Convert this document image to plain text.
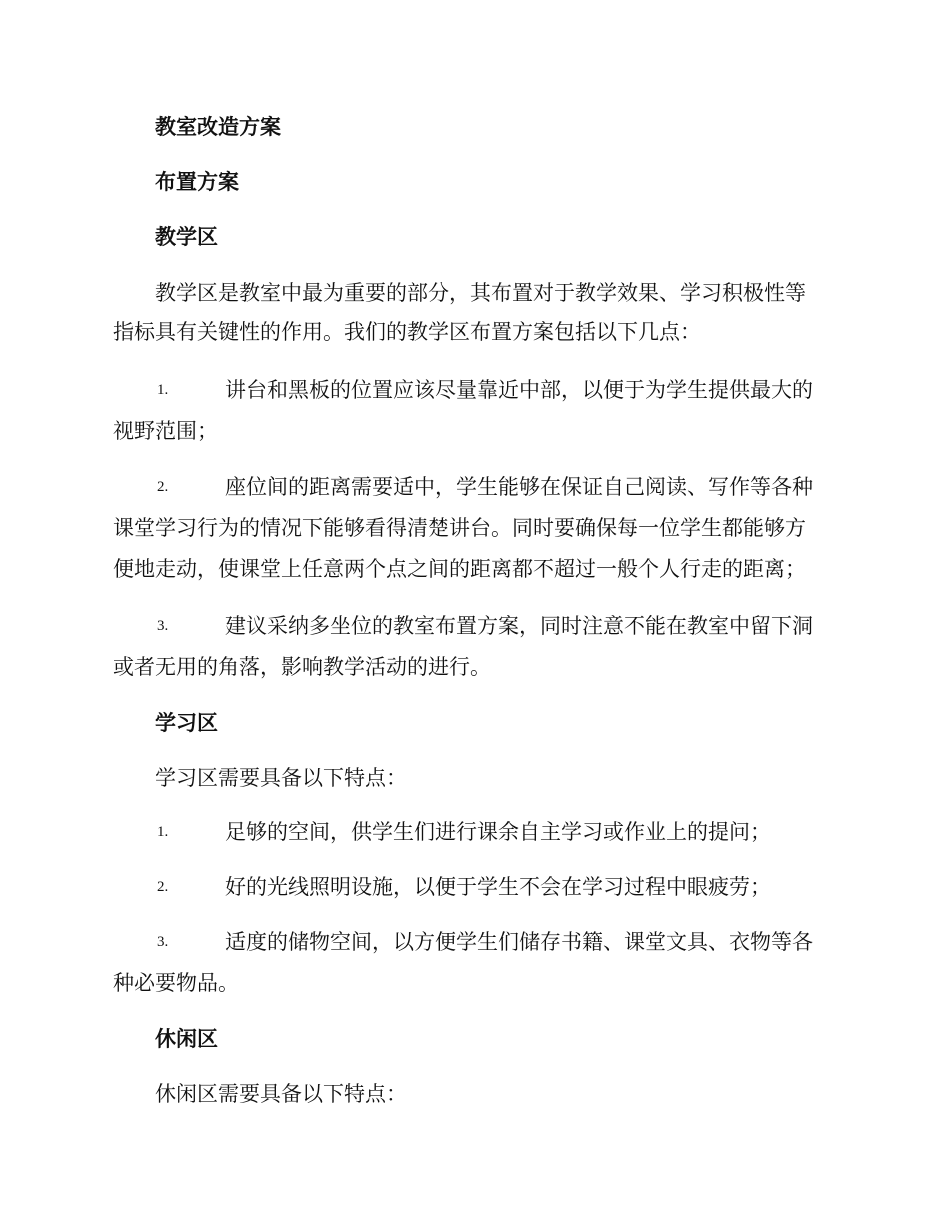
教室改造方案
布置方案
教学区
教学区是教室中最为重要的部分，其布置对于教学效果、学习积极性等
指标具有关键性的作用。我们的教学区布置方案包括以下几点：
1.	讲台和黑板的位置应该尽量靠近中部，以便于为学生提供最大的
视野范围；
2.	座位间的距离需要适中，学生能够在保证自己阅读、写作等各种
课堂学习行为的情况下能够看得清楚讲台。同时要确保每一位学生都能够方
便地走动，使课堂上任意两个点之间的距离都不超过一般个人行走的距离；
3.	建议采纳多坐位的教室布置方案，同时注意不能在教室中留下洞
或者无用的角落，影响教学活动的进行。
学习区
学习区需要具备以下特点：
1.	足够的空间，供学生们进行课余自主学习或作业上的提问；
2.	好的光线照明设施，以便于学生不会在学习过程中眼疲劳；
3.	适度的储物空间，以方便学生们储存书籍、课堂文具、衣物等各
种必要物品。
休闲区
休闲区需要具备以下特点：
